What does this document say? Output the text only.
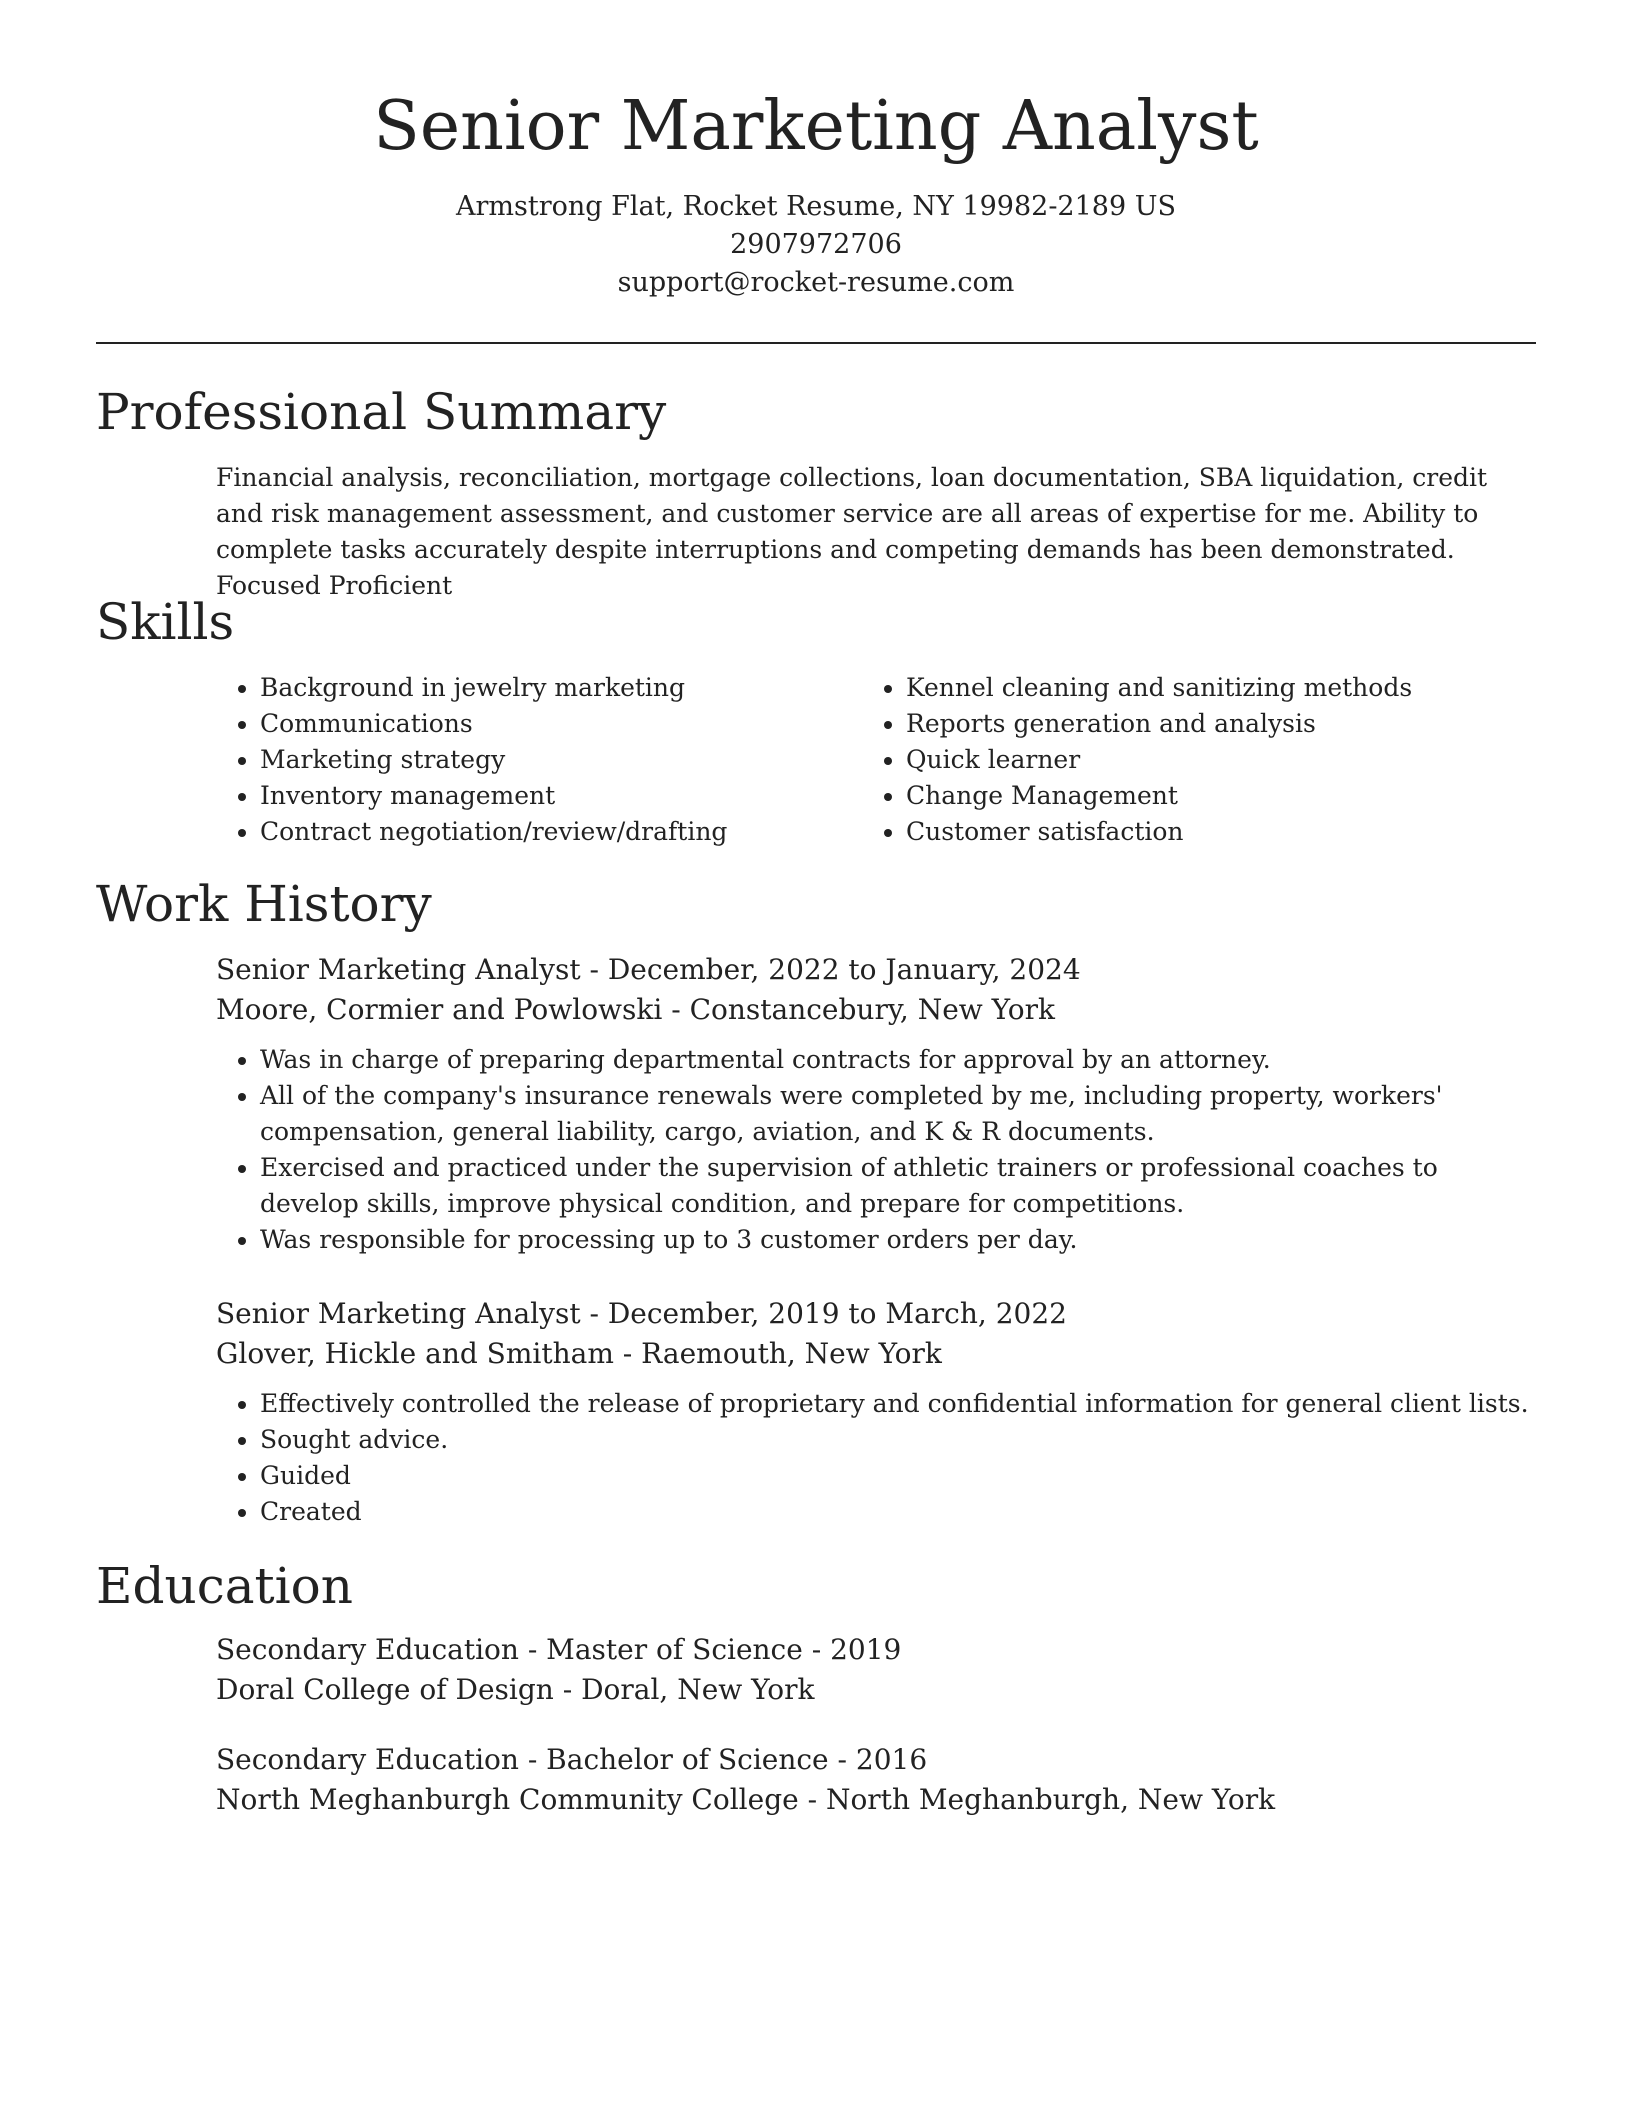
Senior Marketing Analyst

Armstrong Flat, Rocket Resume, NY 19982-2189 US

2907972706

support@rocket-resume.com

Professional Summary

Financial analysis, reconciliation, mortgage collections, loan documentation, SBA liquidation, credit and risk management assessment, and customer service are all areas of expertise for me. Ability to complete tasks accurately despite interruptions and competing demands has been demonstrated. Focused Proficient

Skills
• Background in jewelry marketing
• Communications
• Marketing strategy
• Inventory management
• Contract negotiation/review/drafting
• Kennel cleaning and sanitizing methods
• Reports generation and analysis
• Quick learner
• Change Management
• Customer satisfaction
Work History

Senior Marketing Analyst - December, 2022 to January, 2024

Moore, Cormier and Powlowski - Constancebury, New York

• Was in charge of preparing departmental contracts for approval by an attorney.
• All of the company's insurance renewals were completed by me, including property, workers' compensation, general liability, cargo, aviation, and K & R documents.
• Exercised and practiced under the supervision of athletic trainers or professional coaches to develop skills, improve physical condition, and prepare for competitions.
• Was responsible for processing up to 3 customer orders per day.

Senior Marketing Analyst - December, 2019 to March, 2022

Glover, Hickle and Smitham - Raemouth, New York

• Effectively controlled the release of proprietary and confidential information for general client lists.
• Sought advice.
• Guided
• Created
Education

Secondary Education - Master of Science - 2019

Doral College of Design - Doral, New York

Secondary Education - Bachelor of Science - 2016

North Meghanburgh Community College - North Meghanburgh, New York
